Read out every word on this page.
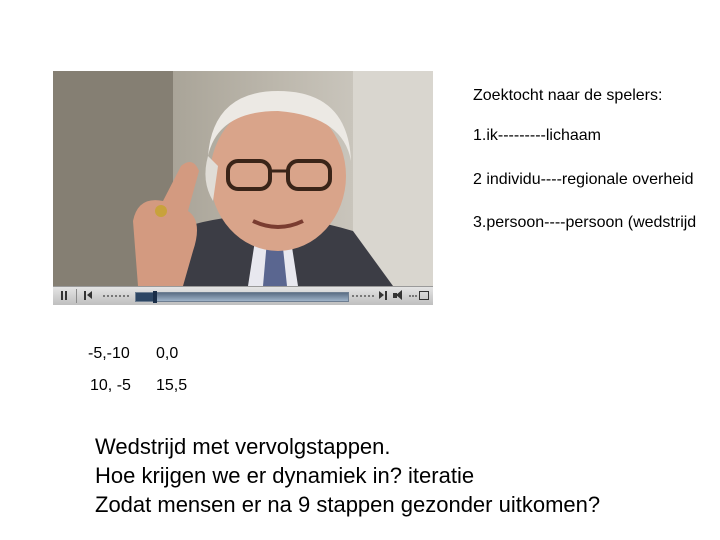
Zoektocht naar de spelers:
1.ik---------lichaam
2 individu----regionale overheid
3.persoon----persoon (wedstrijd
-5,-10 0,0
10, -5 15,5
Wedstrijd met vervolgstappen.
Hoe krijgen we er dynamiek in? iteratie
Zodat mensen er na 9 stappen gezonder uitkomen?
